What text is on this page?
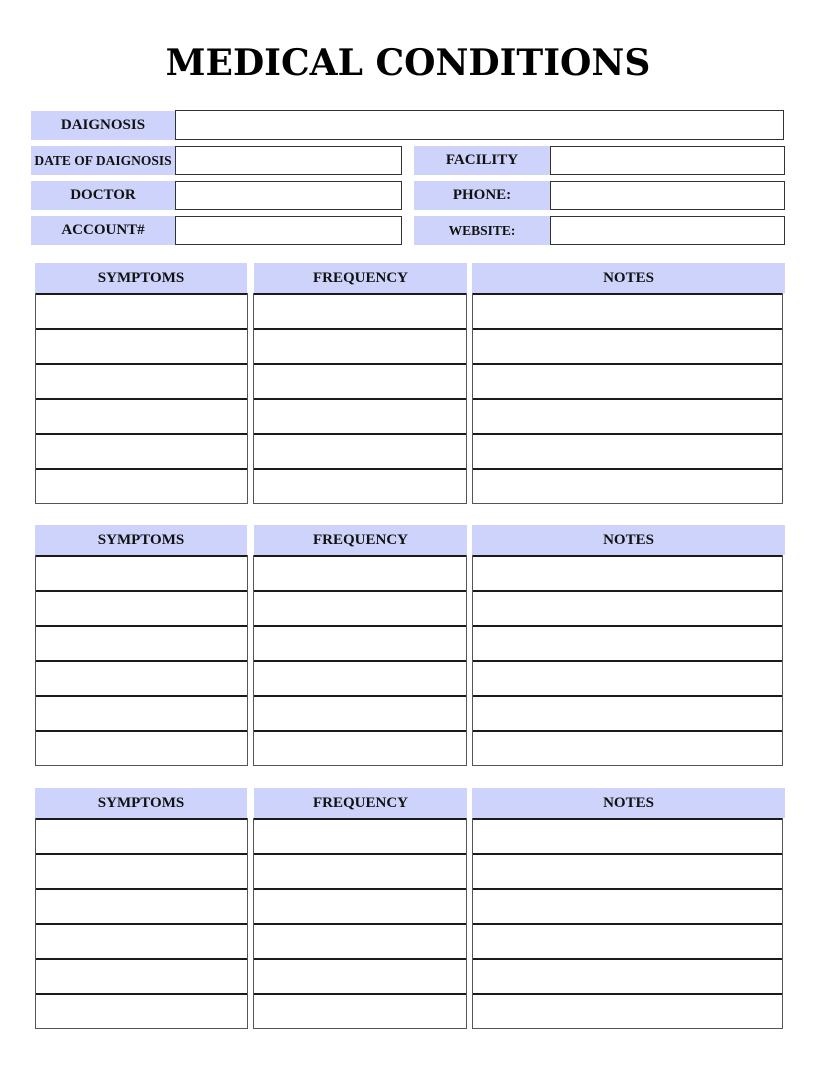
MEDICAL CONDITIONS
DAIGNOSIS
DATE OF DAIGNOSIS	FACILITY
DOCTOR	PHONE:
ACCOUNT#	WEBSITE:
SYMPTOMS	FREQUENCY	NOTES
SYMPTOMS	FREQUENCY	NOTES
SYMPTOMS	FREQUENCY	NOTES
